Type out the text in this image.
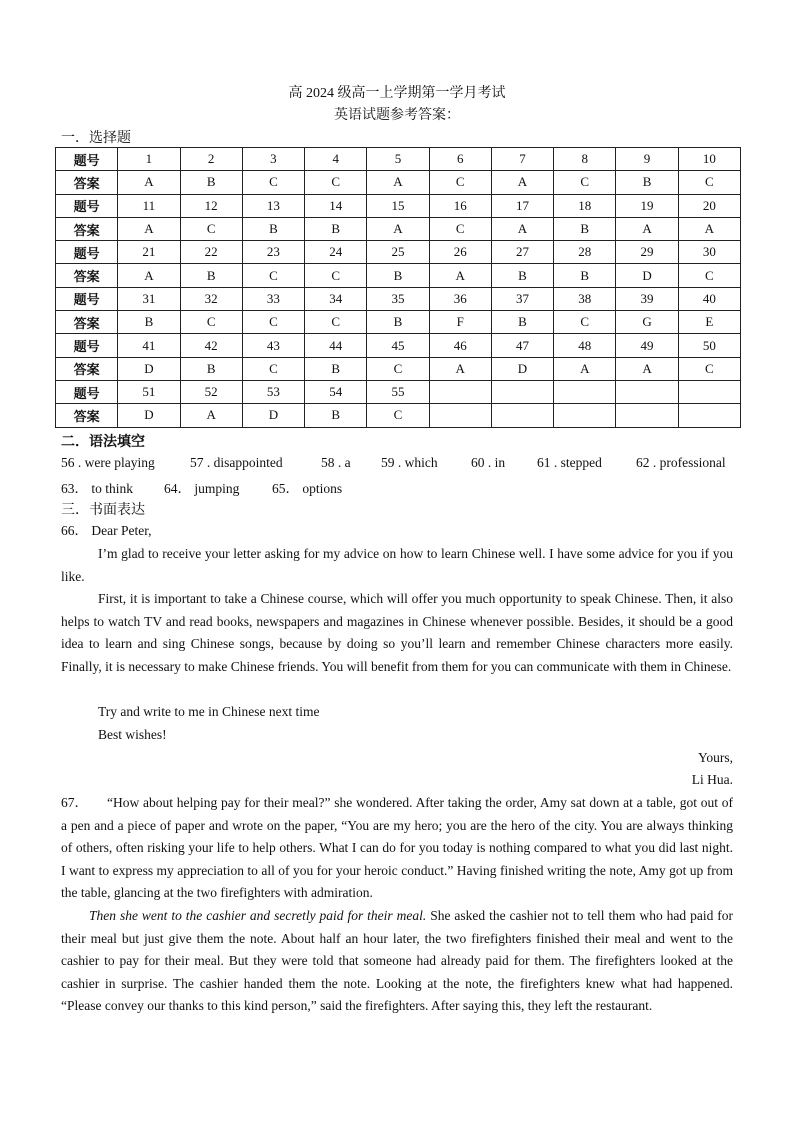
高 2024 级高一上学期第一学月考试
英语试题参考答案：
一．选择题
题号	1	2	3	4	5	6	7	8	9	10
答案	A	B	C	C	A	C	A	C	B	C
题号	11	12	13	14	15	16	17	18	19	20
答案	A	C	B	B	A	C	A	B	A	A
题号	21	22	23	24	25	26	27	28	29	30
答案	A	B	C	C	B	A	B	B	D	C
题号	31	32	33	34	35	36	37	38	39	40
答案	B	C	C	C	B	F	B	C	G	E
题号	41	42	43	44	45	46	47	48	49	50
答案	D	B	C	B	C	A	D	A	A	C
题号	51	52	53	54	55					
答案	D	A	D	B	C					
二．语法填空
56 . were playing	57 . disappointed	58 . a 59 . which 60 . in 61 . stepped	62 . professional
63． to think 64． jumping 65． options
三．书面表达
66． Dear Peter,
I’m glad to receive your letter asking for my advice on how to learn Chinese well. I have some advice for you if you like.
First, it is important to take a Chinese course, which will offer you much opportunity to speak Chinese. Then, it also helps to watch TV and read books, newspapers and magazines in Chinese whenever possible. Besides, it should be a good idea to learn and sing Chinese songs, because by doing so you’ll learn and remember Chinese characters more easily. Finally, it is necessary to make Chinese friends. You will benefit from them for you can communicate with them in Chinese.
Try and write to me in Chinese next time
Best wishes!
Yours,
Li Hua.
67． “How about helping pay for their meal?” she wondered. After taking the order, Amy sat down at a table, got out of a pen and a piece of paper and wrote on the paper, “You are my hero; you are the hero of the city. You are always thinking of others, often risking your life to help others. What I can do for you today is nothing compared to what you did last night. I want to express my appreciation to all of you for your heroic conduct.” Having finished writing the note, Amy got up from the table, glancing at the two firefighters with admiration.
Then she went to the cashier and secretly paid for their meal. She asked the cashier not to tell them who had paid for their meal but just give them the note. About half an hour later, the two firefighters finished their meal and went to the cashier to pay for their meal. But they were told that someone had already paid for them. The firefighters looked at the cashier in surprise. The cashier handed them the note. Looking at the note, the firefighters knew what had happened. “Please convey our thanks to this kind person,” said the firefighters. After saying this, they left the restaurant.
